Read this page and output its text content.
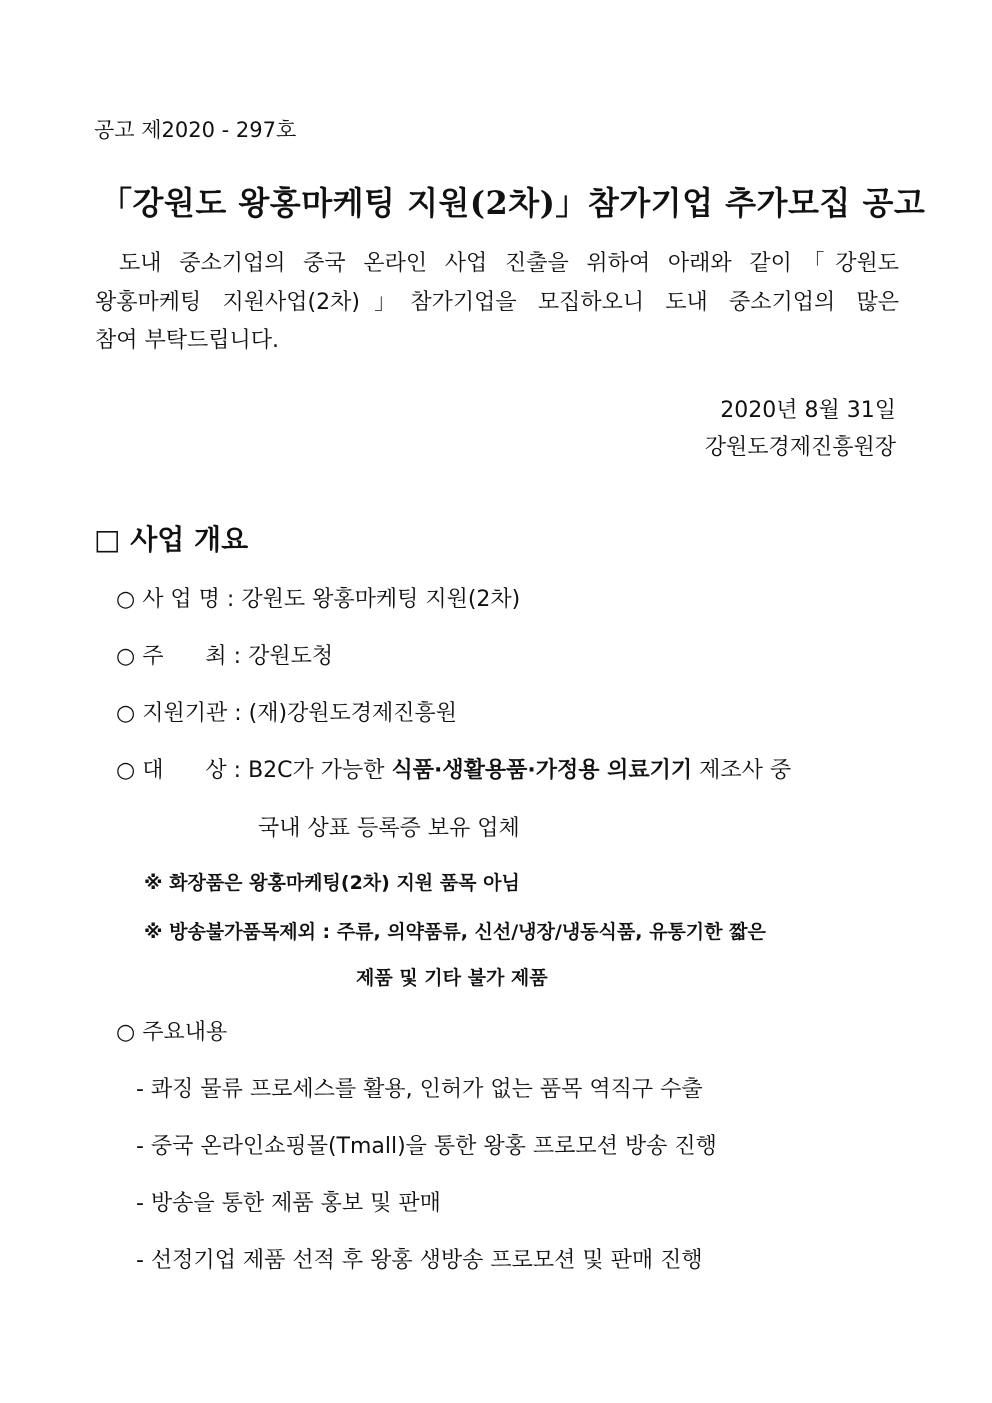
공고 제2020 - 297호
「강원도 왕홍마케팅 지원(2차)」참가기업 추가모집 공고
도내 중소기업의 중국 온라인 사업 진출을 위하여 아래와 같이「강원도
왕홍마케팅 지원사업(2차)」참가기업을 모집하오니 도내 중소기업의 많은
참여 부탁드립니다.
2020년 8월 31일
강원도경제진흥원장
□ 사업 개요
○ 사 업 명 : 강원도 왕홍마케팅 지원(2차)
○ 주      최 : 강원도청
○ 지원기관 : (재)강원도경제진흥원
○ 대      상 : B2C가 가능한 식품·생활용품·가정용 의료기기 제조사 중
국내 상표 등록증 보유 업체
※ 화장품은 왕홍마케팅(2차) 지원 품목 아님
※ 방송불가품목제외 : 주류, 의약품류, 신선/냉장/냉동식품, 유통기한 짧은
제품 및 기타 불가 제품
○ 주요내용
- 콰징 물류 프로세스를 활용, 인허가 없는 품목 역직구 수출
- 중국 온라인쇼핑몰(Tmall)을 통한 왕홍 프로모션 방송 진행
- 방송을 통한 제품 홍보 및 판매
- 선정기업 제품 선적 후 왕홍 생방송 프로모션 및 판매 진행
